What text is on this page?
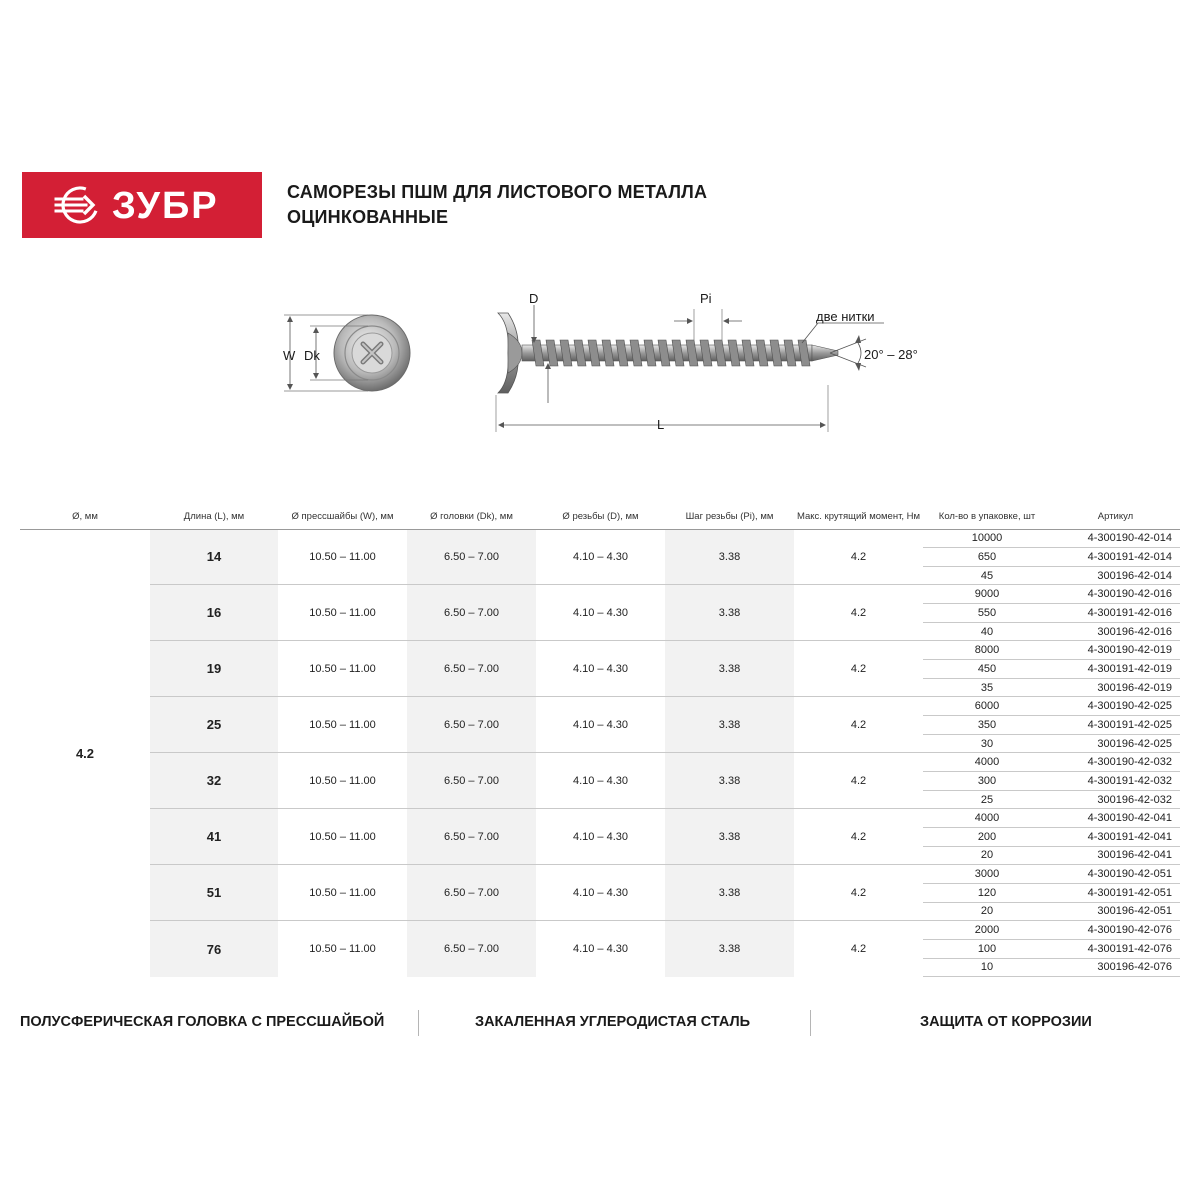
ЗУБР	САМОРЕЗЫ ПШМ ДЛЯ ЛИСТОВОГО МЕТАЛЛА
ОЦИНКОВАННЫЕ
W Dk
D	Pi
L
две нитки
20° – 28°
Ø, мм	Длина (L), мм	Ø прессшайбы (W), мм	Ø головки (Dk), мм	Ø резьбы (D), мм	Шаг резьбы (Pi), мм	Макс. крутящий момент, Нм	Кол-во в упаковке, шт	Артикул
4.2	14	10.50 – 11.00	6.50 – 7.00	4.10 – 4.30	3.38	4.2	10000	4-300190-42-014
							650	4-300191-42-014
							45	300196-42-014
	16	10.50 – 11.00	6.50 – 7.00	4.10 – 4.30	3.38	4.2	9000	4-300190-42-016
							550	4-300191-42-016
							40	300196-42-016
	19	10.50 – 11.00	6.50 – 7.00	4.10 – 4.30	3.38	4.2	8000	4-300190-42-019
							450	4-300191-42-019
							35	300196-42-019
	25	10.50 – 11.00	6.50 – 7.00	4.10 – 4.30	3.38	4.2	6000	4-300190-42-025
							350	4-300191-42-025
							30	300196-42-025
	32	10.50 – 11.00	6.50 – 7.00	4.10 – 4.30	3.38	4.2	4000	4-300190-42-032
							300	4-300191-42-032
							25	300196-42-032
	41	10.50 – 11.00	6.50 – 7.00	4.10 – 4.30	3.38	4.2	4000	4-300190-42-041
							200	4-300191-42-041
							20	300196-42-041
	51	10.50 – 11.00	6.50 – 7.00	4.10 – 4.30	3.38	4.2	3000	4-300190-42-051
							120	4-300191-42-051
							20	300196-42-051
	76	10.50 – 11.00	6.50 – 7.00	4.10 – 4.30	3.38	4.2	2000	4-300190-42-076
							100	4-300191-42-076
							10	300196-42-076
ПОЛУСФЕРИЧЕСКАЯ ГОЛОВКА С ПРЕССШАЙБОЙ	ЗАКАЛЕННАЯ УГЛЕРОДИСТАЯ СТАЛЬ	ЗАЩИТА ОТ КОРРОЗИИ
